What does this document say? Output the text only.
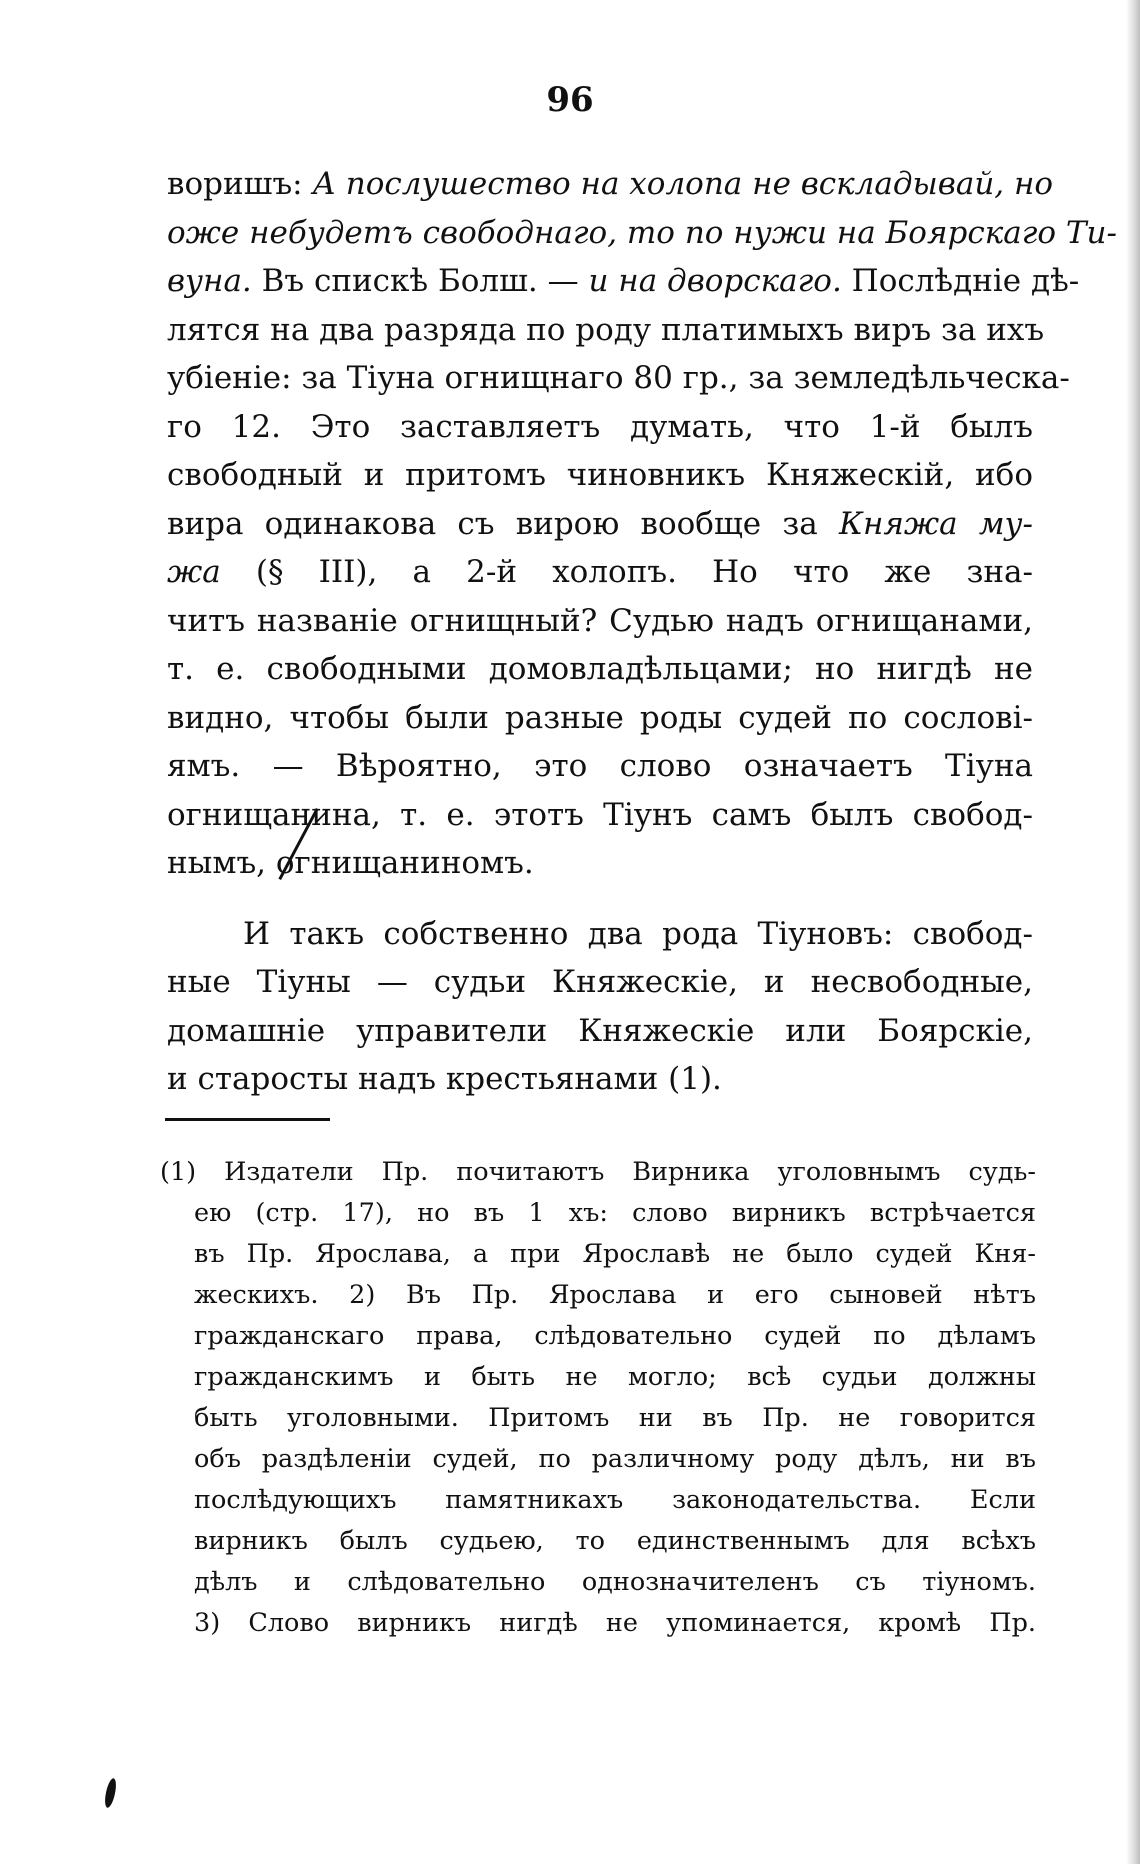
96
воришъ: А послушество на холопа не вскладывай, но
оже небудетъ свободнаго, то по нужи на Боярскаго Ти-
вуна. Въ спискѣ Болш. — и на дворскаго. Послѣдніе дѣ-
лятся на два разряда по роду платимыхъ виръ за ихъ
убіеніе: за Тіуна огнищнаго 80 гр., за земледѣльческа-
го 12. Это заставляетъ думать, что 1-й былъ
свободный и притомъ чиновникъ Княжескій, ибо
вира одинакова съ вирою вообще за Княжа му-
жа (§ III), а 2-й холопъ. Но что же зна-
читъ названіе огнищный? Судью надъ огнищанами,
т. е. свободными домовладѣльцами; но нигдѣ не
видно, чтобы были разные роды судей по сослові-
ямъ. — Вѣроятно, это слово означаетъ Тіуна
огнищанина, т. е. этотъ Тіунъ самъ былъ свобод-
нымъ, огнищаниномъ.
И такъ собственно два рода Тіуновъ: свобод-
ные Тіуны — судьи Княжескіе, и несвободные,
домашніе управители Княжескіе или Боярскіе,
и старосты надъ крестьянами (1).
(1) Издатели Пр. почитаютъ Вирника уголовнымъ судь-
ею (стр. 17), но въ 1 хъ: слово вирникъ встрѣчается
въ Пр. Ярослава, а при Ярославѣ не было судей Кня-
жескихъ. 2) Въ Пр. Ярослава и его сыновей нѣтъ
гражданскаго права, слѣдовательно судей по дѣламъ
гражданскимъ и быть не могло; всѣ судьи должны
быть уголовными. Притомъ ни въ Пр. не говорится
объ раздѣленіи судей, по различному роду дѣлъ, ни въ
послѣдующихъ памятникахъ законодательства. Если
вирникъ былъ судьею, то единственнымъ для всѣхъ
дѣлъ и слѣдовательно однозначителенъ съ тіуномъ.
3) Слово вирникъ нигдѣ не упоминается, кромѣ Пр.
